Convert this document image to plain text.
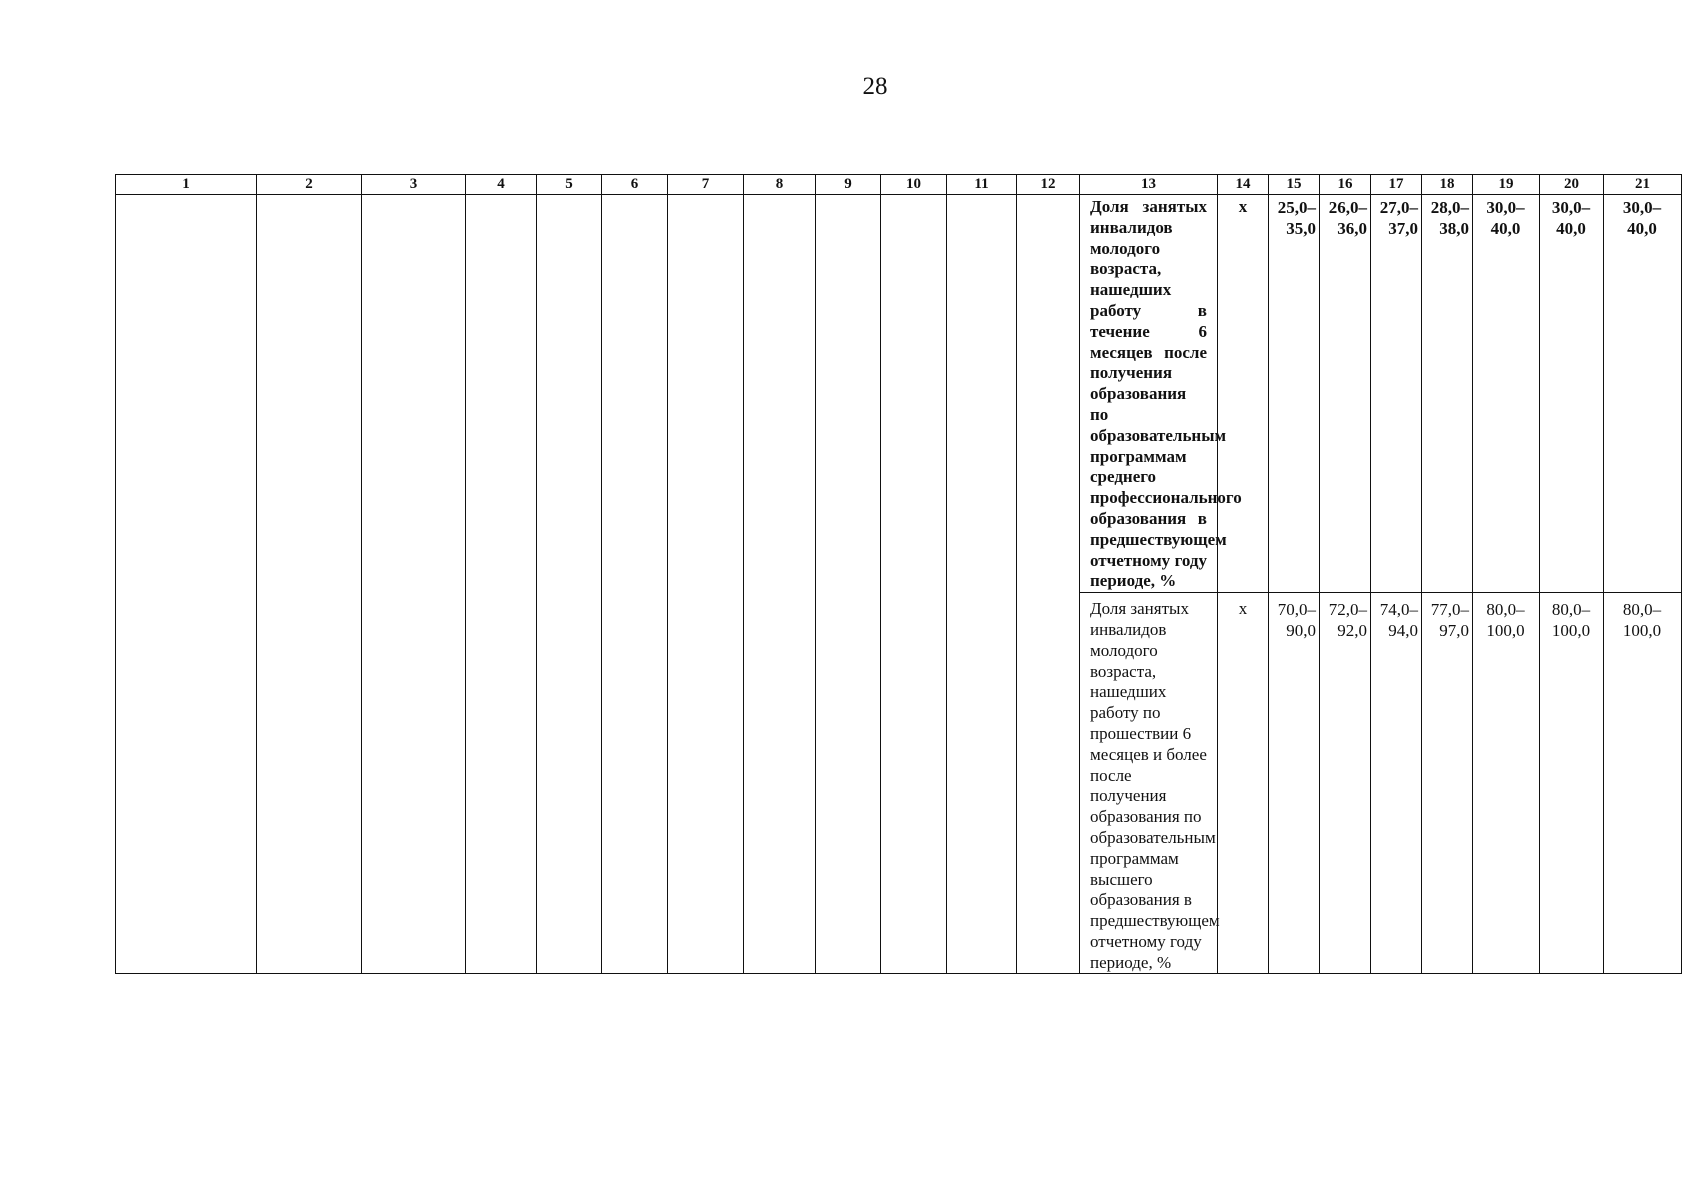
28
1	2	3	4	5	6	7	8	9	10	11	12	13	14	15	16	17	18	19	20	21
												Доля занятых инвалидов молодого возраста, нашедших работу в течение 6 месяцев после получения образования по образовательным программам среднего профессионального образования в предшествующем отчетному году периоде, %	х	25,0–
35,0	26,0–
36,0	27,0–
37,0	28,0–
38,0	30,0–
40,0	30,0–
40,0	30,0–
40,0

												Доля занятых инвалидов молодого возраста, нашедших работу по прошествии 6 месяцев и более после получения образования по образовательным программам высшего образования в предшествующем отчетному году периоде, %	х	70,0–
90,0	72,0–
92,0	74,0–
94,0	77,0–
97,0	80,0–
100,0	80,0–
100,0	80,0–
100,0
